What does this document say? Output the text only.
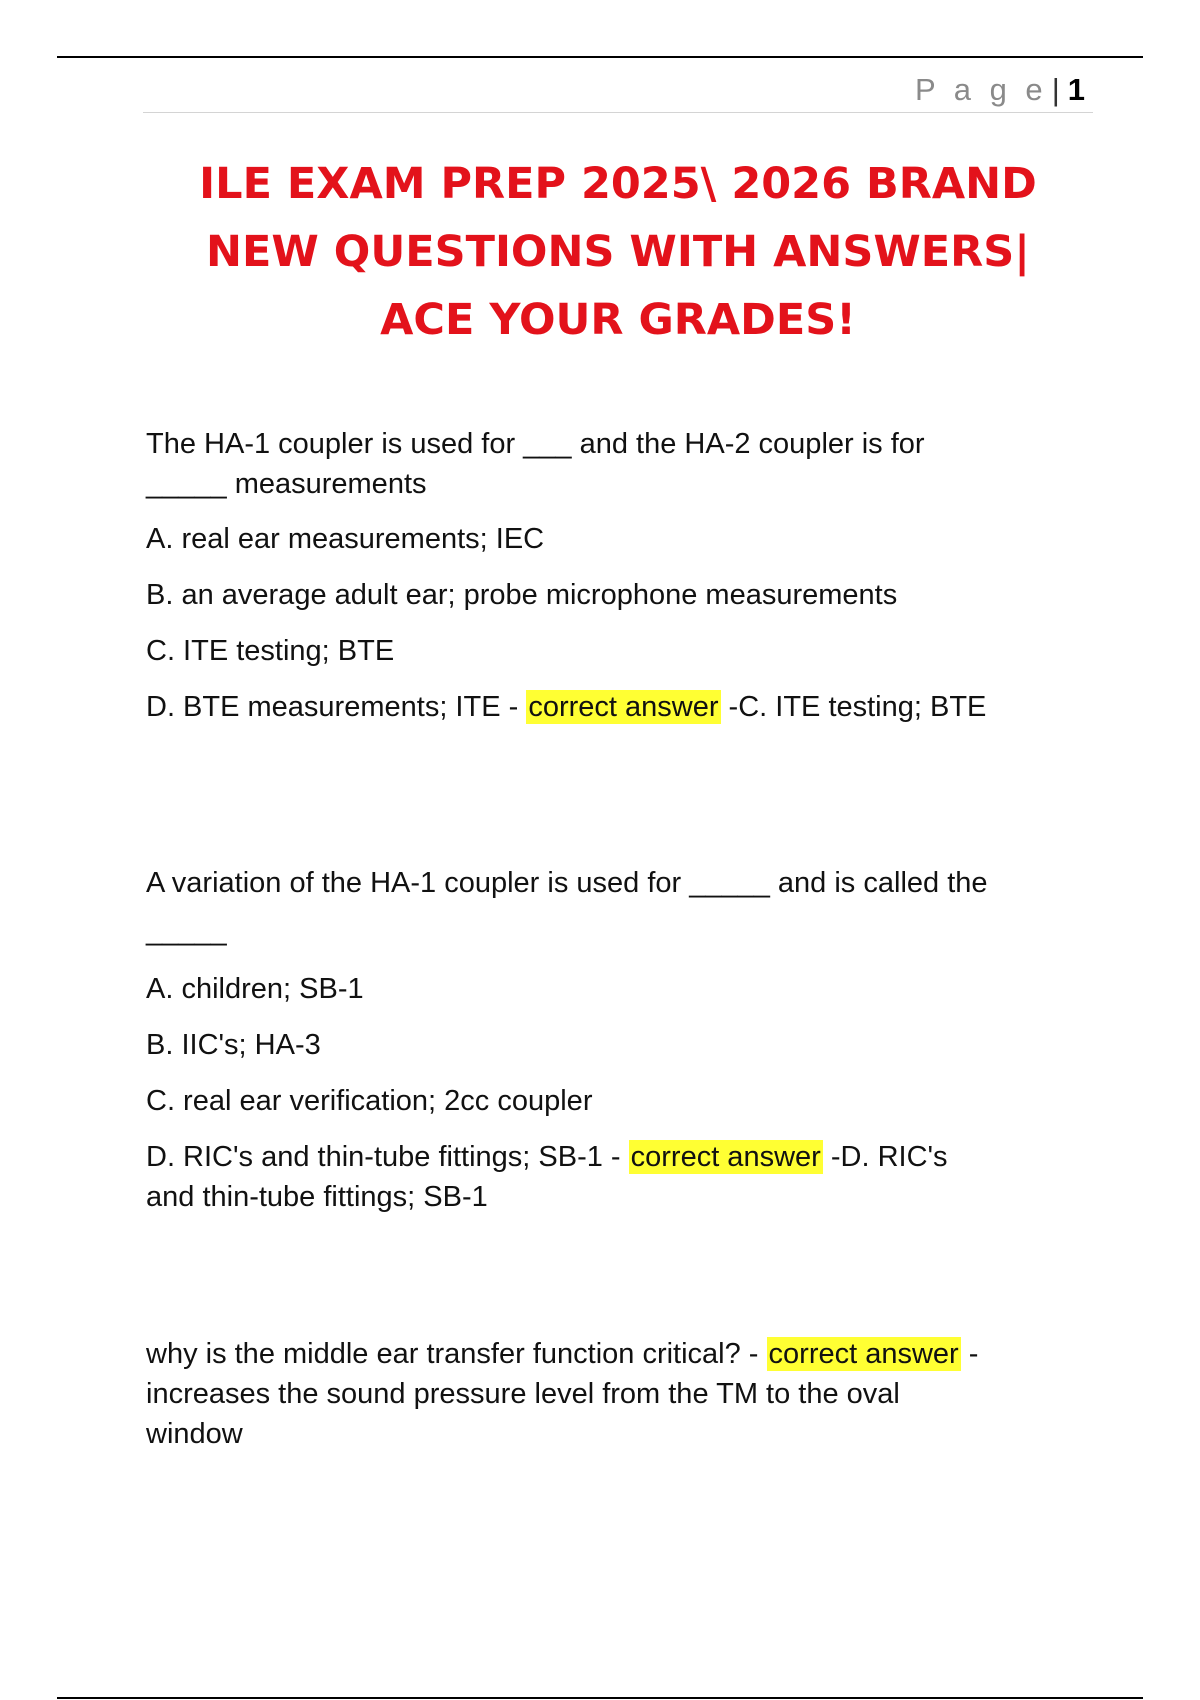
P a g e | 1
ILE EXAM PREP 2025\ 2026 BRAND
NEW QUESTIONS WITH ANSWERS|
ACE YOUR GRADES!

The HA-1 coupler is used for ___ and the HA-2 coupler is for
_____ measurements

A. real ear measurements; IEC
B. an average adult ear; probe microphone measurements
C. ITE testing; BTE
D. BTE measurements; ITE - correct answer -C. ITE testing; BTE

A variation of the HA-1 coupler is used for _____ and is called the
_____

A. children; SB-1
B. IIC's; HA-3
C. real ear verification; 2cc coupler
D. RIC's and thin-tube fittings; SB-1 - correct answer -D. RIC's
and thin-tube fittings; SB-1

why is the middle ear transfer function critical? - correct answer -
increases the sound pressure level from the TM to the oval
window
